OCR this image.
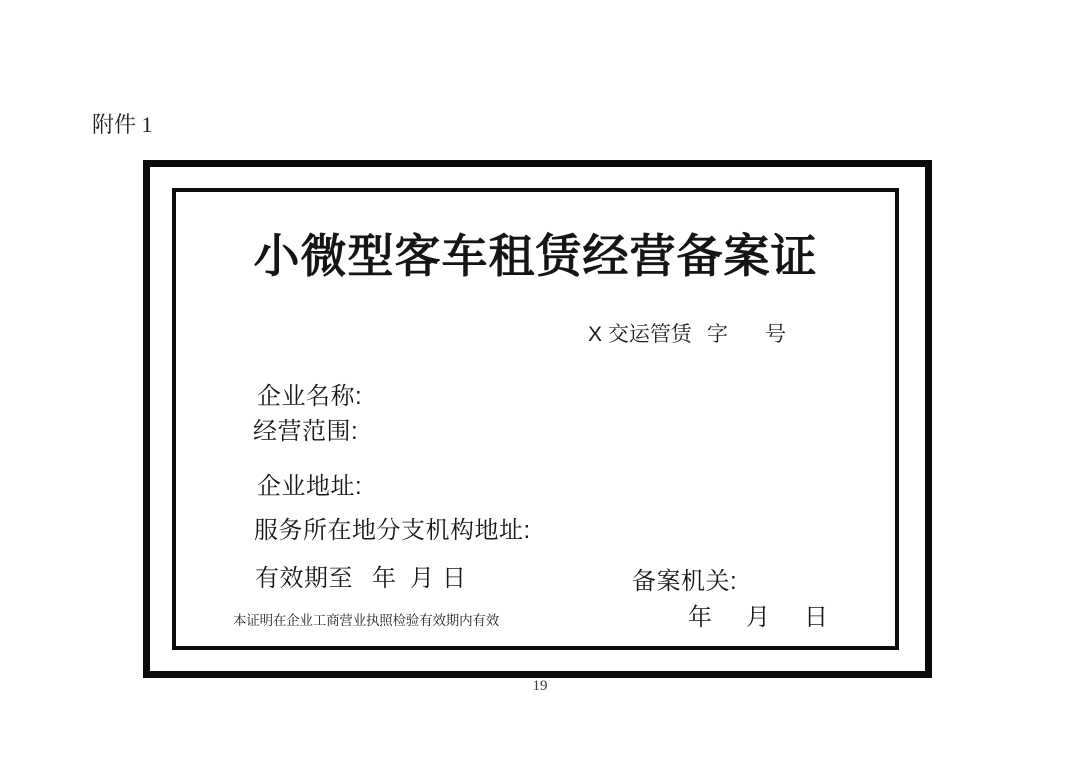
附件 1
小微型客车租赁经营备案证
X 交运管赁 字 号
企业名称:
经营范围:
企业地址:
服务所在地分支机构地址:
有效期至 年 月 日	备案机关:
年 月 日
本证明在企业工商营业执照检验有效期内有效
19
